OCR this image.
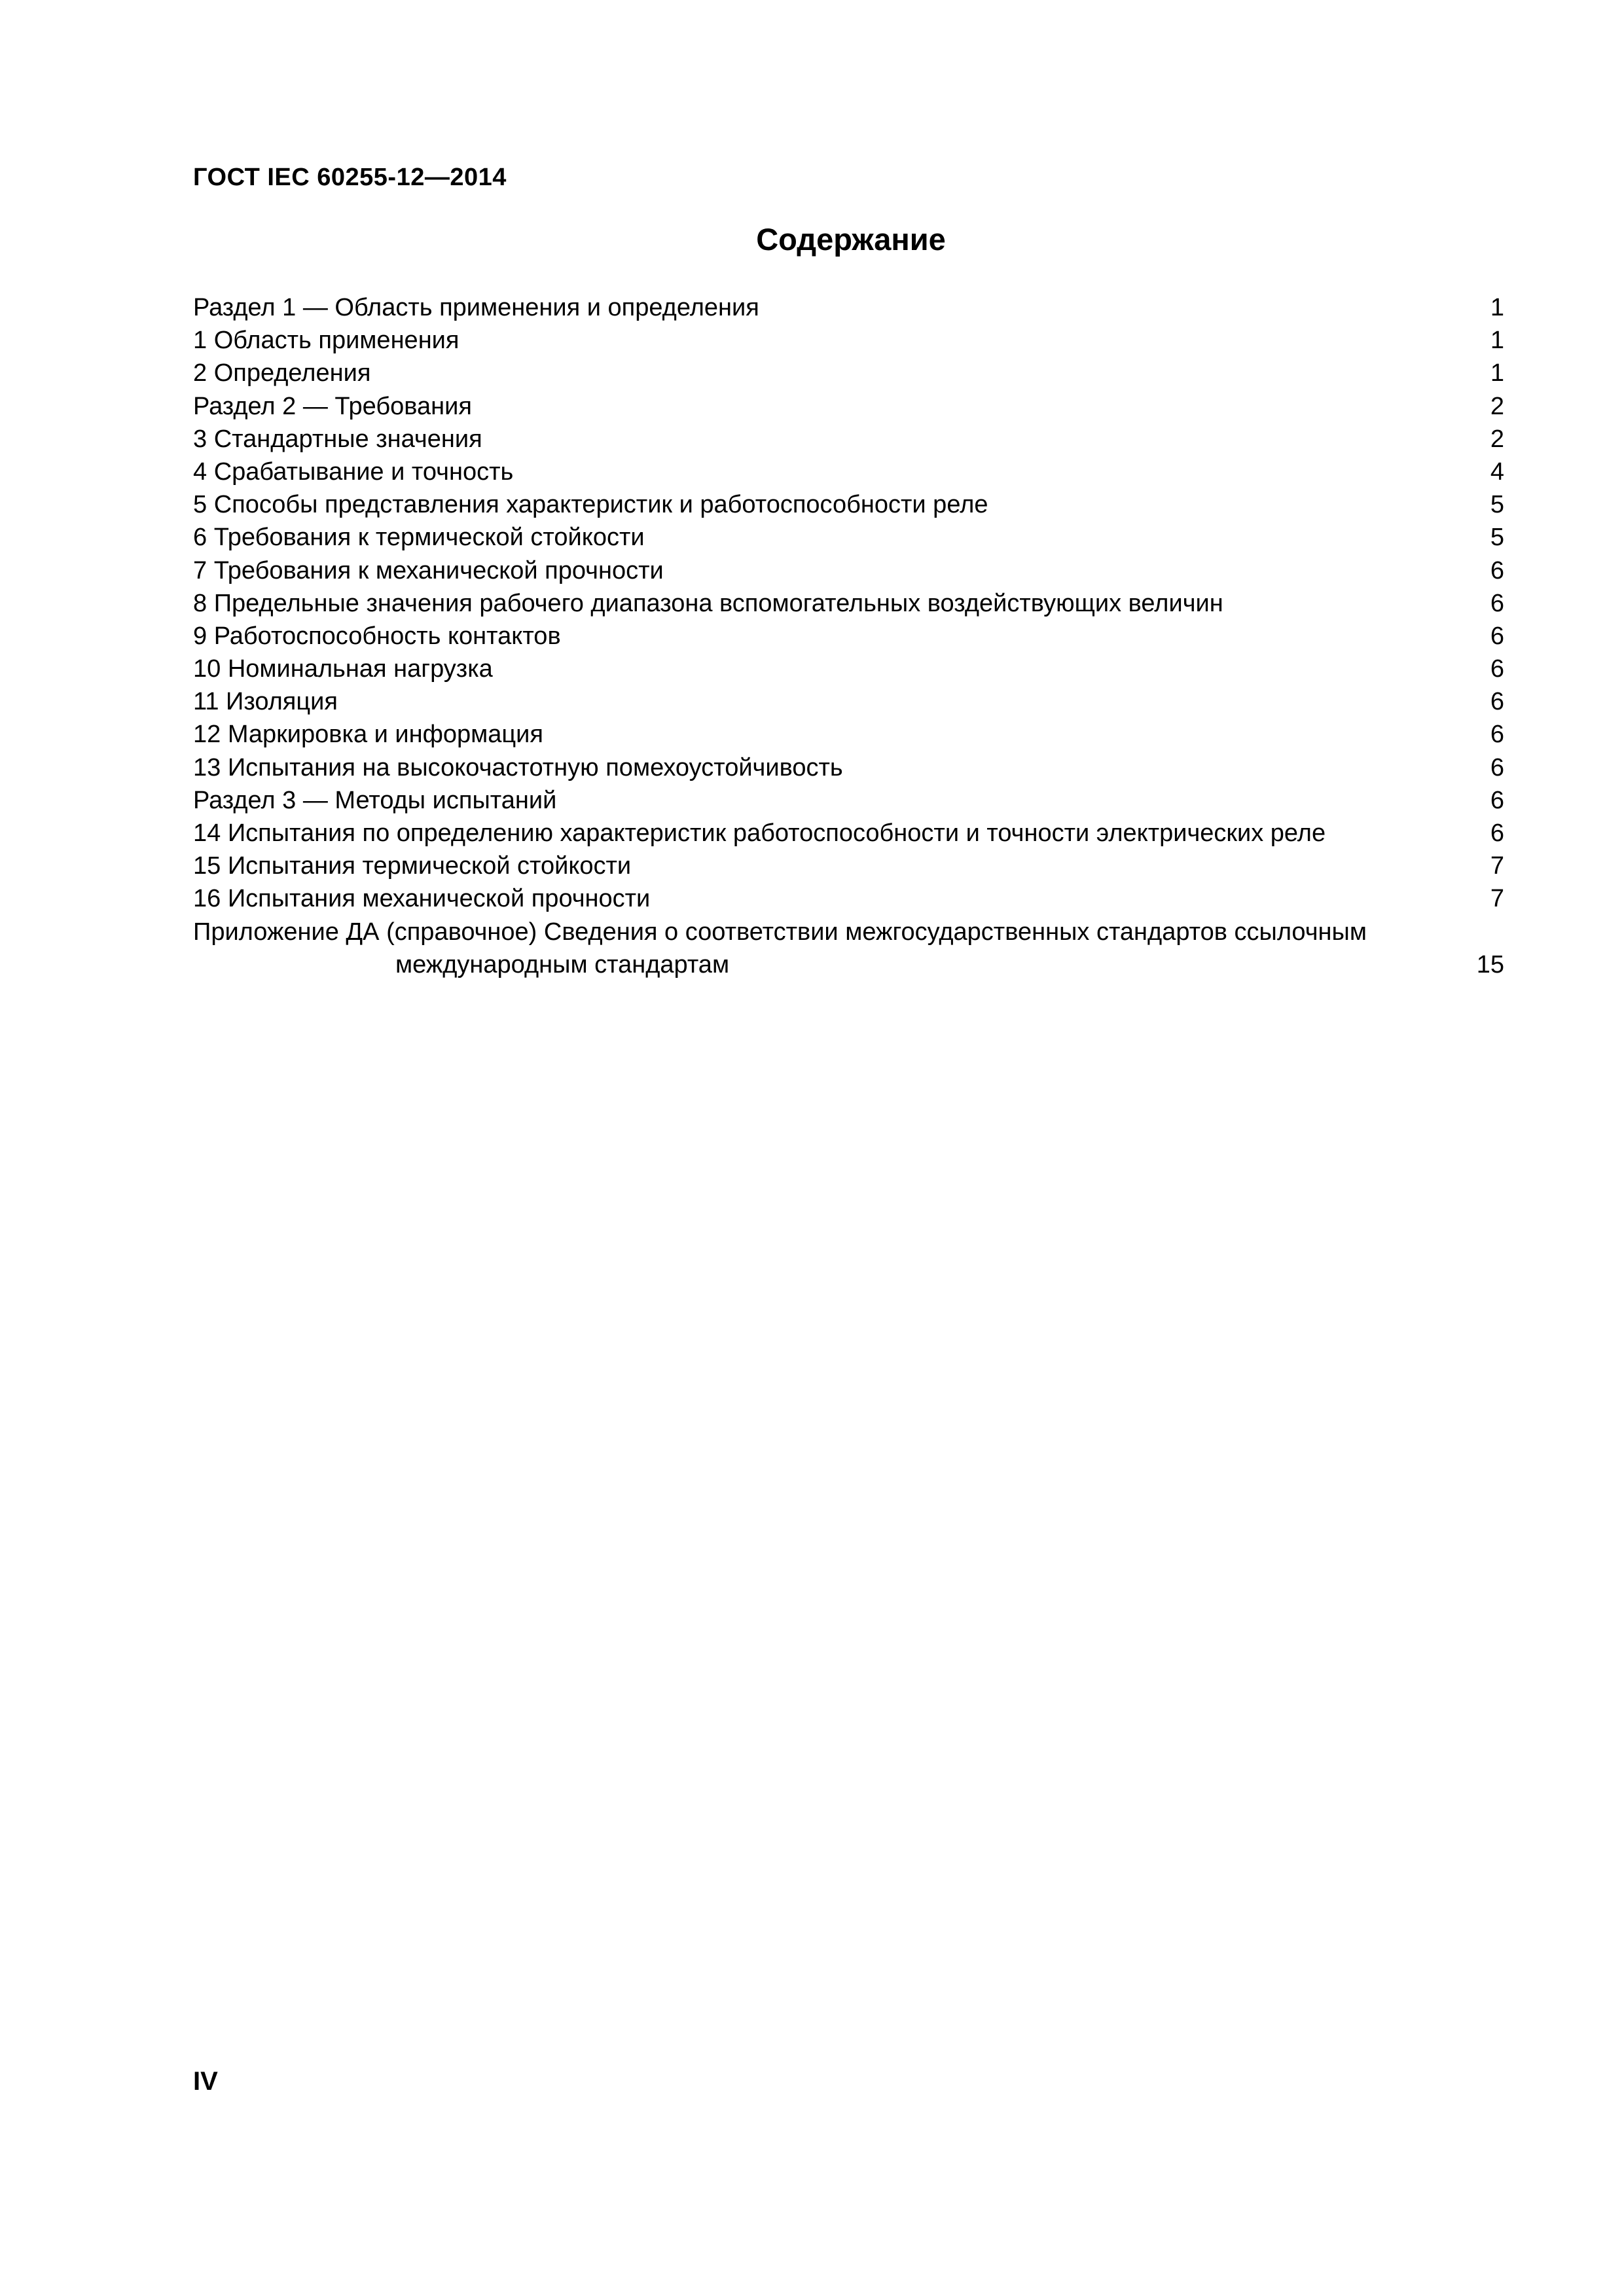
ГОСТ IEC 60255-12—2014
Содержание
Раздел 1 — Область применения и определения	1
1 Область применения	1
2 Определения	1
Раздел 2 — Требования	2
3 Стандартные значения	2
4 Срабатывание и точность	4
5 Способы представления характеристик и работоспособности реле	5
6 Требования к термической стойкости	5
7 Требования к механической прочности	6
8 Предельные значения рабочего диапазона вспомогательных воздействующих величин	6
9 Работоспособность контактов	6
10 Номинальная нагрузка	6
11 Изоляция	6
12 Маркировка и информация	6
13 Испытания на высокочастотную помехоустойчивость	6
Раздел 3 — Методы испытаний	6
14 Испытания по определению характеристик работоспособности и точности электрических реле	6
15 Испытания термической стойкости	7
16 Испытания механической прочности	7
Приложение ДА (справочное) Сведения о соответствии межгосударственных стандартов ссылочным
международным стандартам	15
IV
